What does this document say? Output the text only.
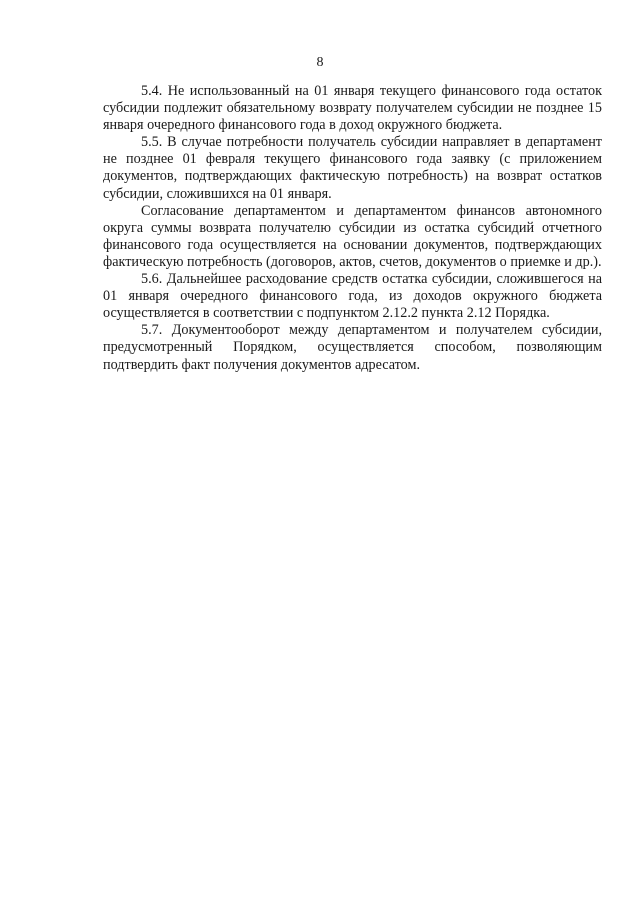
8

5.4. Не использованный на 01 января текущего финансового года остаток субсидии подлежит обязательному возврату получателем субсидии не позднее 15 января очередного финансового года в доход окружного бюджета.

5.5. В случае потребности получатель субсидии направляет в департамент не позднее 01 февраля текущего финансового года заявку (с приложением документов, подтверждающих фактическую потребность) на возврат остатков субсидии, сложившихся на 01 января.

Согласование департаментом и департаментом финансов автономного округа суммы возврата получателю субсидии из остатка субсидий отчетного финансового года осуществляется на основании документов, подтверждающих фактическую потребность (договоров, актов, счетов, документов о приемке и др.).

5.6. Дальнейшее расходование средств остатка субсидии, сложившегося на 01 января очередного финансового года, из доходов окружного бюджета осуществляется в соответствии с подпунктом 2.12.2 пункта 2.12 Порядка.

5.7. Документооборот между департаментом и получателем субсидии, предусмотренный Порядком, осуществляется способом, позволяющим подтвердить факт получения документов адресатом.
